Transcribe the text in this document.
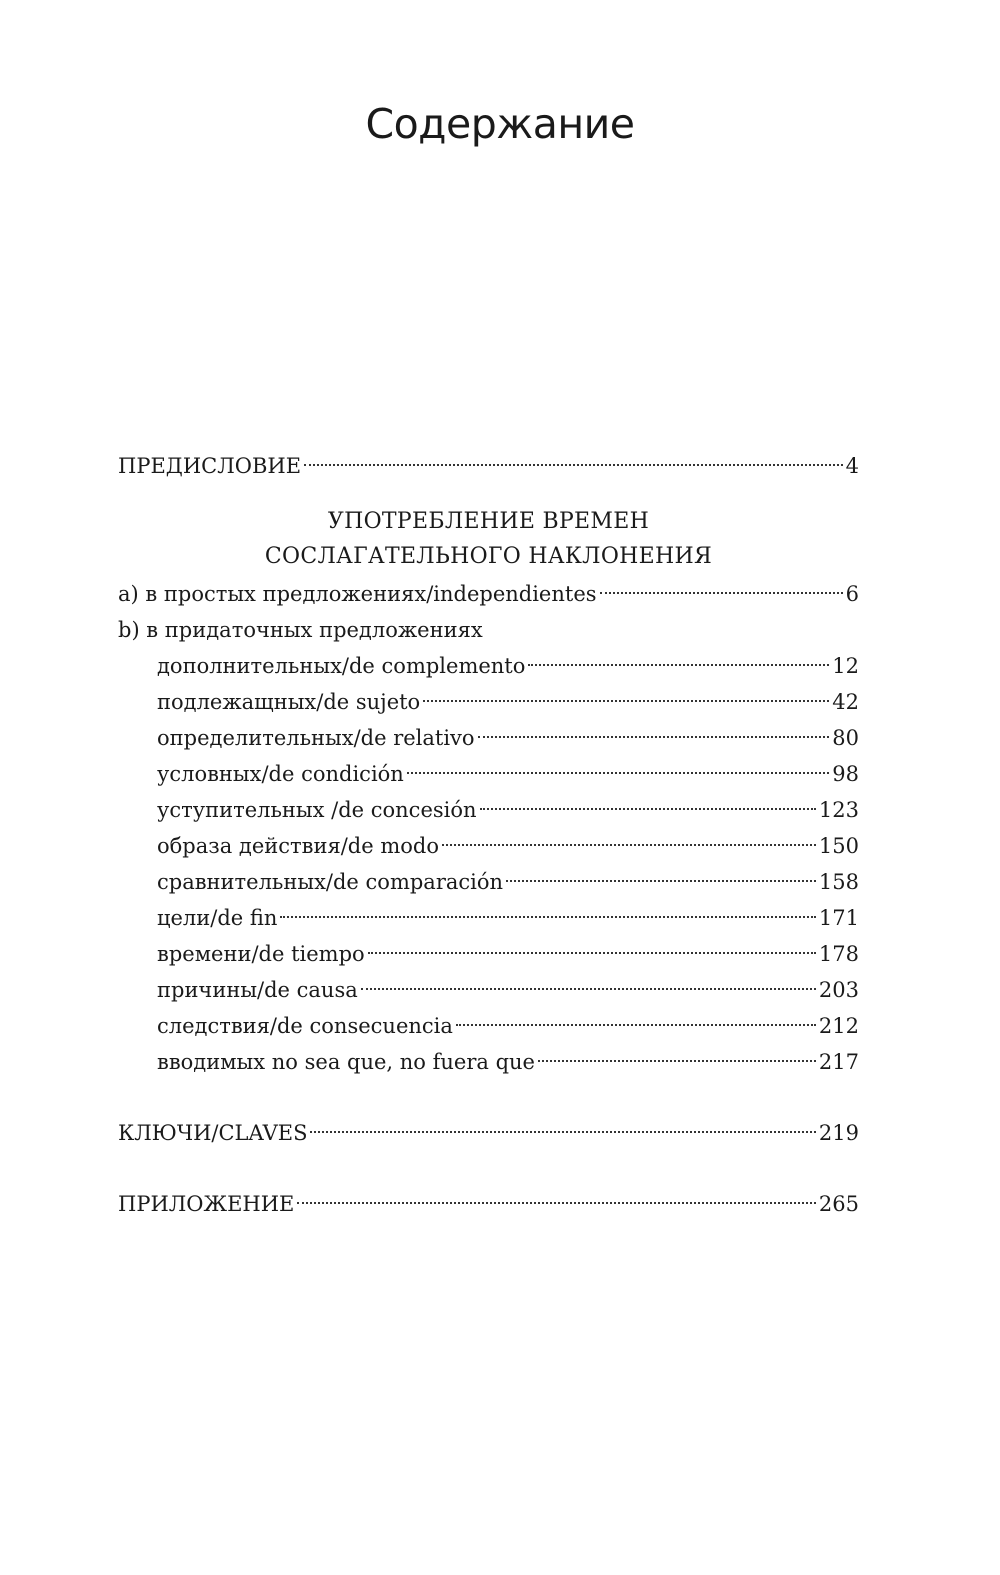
Содержание
ПРЕДИСЛОВИЕ	4
УПОТРЕБЛЕНИЕ ВРЕМЕН
СОСЛАГАТЕЛЬНОГО НАКЛОНЕНИЯ
a) в простых предложениях/independientes	6
b) в придаточных предложениях
дополнительных/de complemento	12
подлежащных/de sujeto	42
определительных/de relativo	80
условных/de condición	98
уступительных /de concesión	123
образа действия/de modo	150
сравнительных/de comparación	158
цели/de fin	171
времени/de tiempo	178
причины/de causa	203
следствия/de consecuencia	212
вводимых no sea que, no fuera que	217
КЛЮЧИ/CLAVES	219
ПРИЛОЖЕНИЕ	265
